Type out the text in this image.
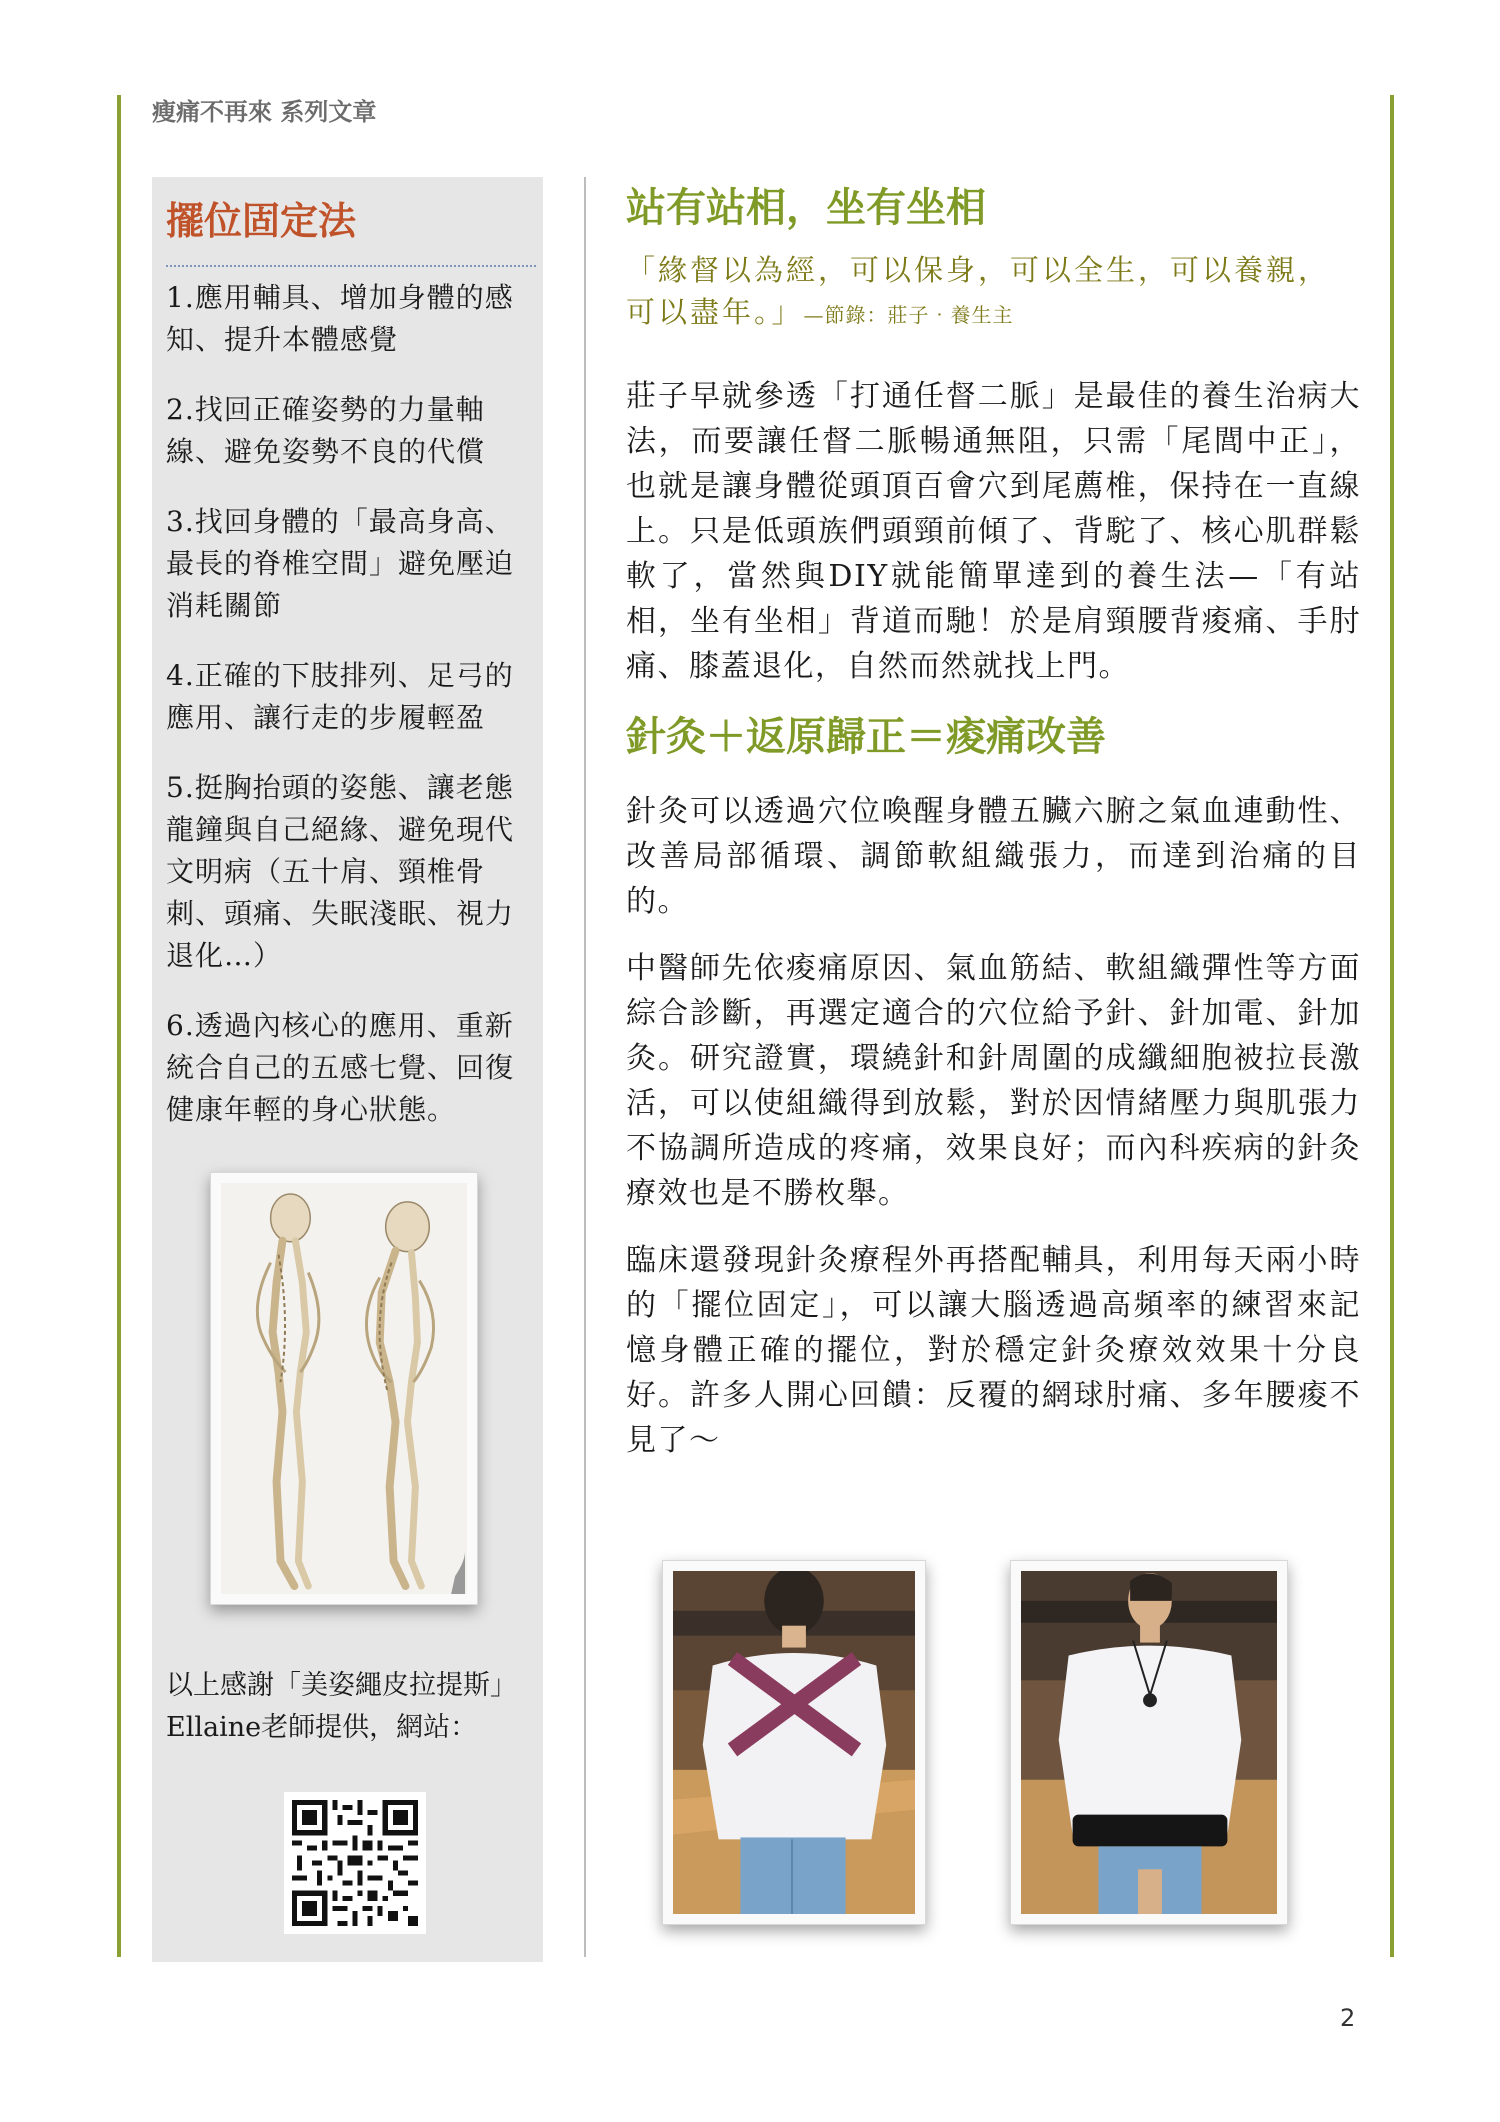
瘦痛不再來 系列文章
擺位固定法
1.應用輔具、增加身體的感知、提升本體感覺
2.找回正確姿勢的力量軸線、避免姿勢不良的代償
3.找回身體的「最高身高、最長的脊椎空間」避免壓迫消耗關節
4.正確的下肢排列、足弓的應用、讓行走的步履輕盈
5.挺胸抬頭的姿態、讓老態龍鐘與自己絕緣、避免現代文明病（五十肩、頸椎骨刺、頭痛、失眠淺眠、視力退化…）
6.透過內核心的應用、重新統合自己的五感七覺、回復健康年輕的身心狀態。
以上感謝「美姿繩皮拉提斯」Ellaine老師提供，網站：
站有站相，坐有坐相

「緣督以為經，可以保身，可以全生，可以養親，可以盡年。」—節錄：莊子‧養生主

莊子早就參透「打通任督二脈」是最佳的養生治病大法，而要讓任督二脈暢通無阻，只需「尾閭中正」，也就是讓身體從頭頂百會穴到尾薦椎，保持在一直線上。只是低頭族們頭頸前傾了、背駝了、核心肌群鬆軟了，當然與DIY就能簡單達到的養生法—「有站相，坐有坐相」背道而馳！於是肩頸腰背痠痛、手肘痛、膝蓋退化，自然而然就找上門。

針灸＋返原歸正＝痠痛改善

針灸可以透過穴位喚醒身體五臟六腑之氣血連動性、改善局部循環、調節軟組織張力，而達到治痛的目的。

中醫師先依痠痛原因、氣血筋結、軟組織彈性等方面綜合診斷，再選定適合的穴位給予針、針加電、針加灸。研究證實，環繞針和針周圍的成纖細胞被拉長激活，可以使組織得到放鬆，對於因情緒壓力與肌張力不協調所造成的疼痛，效果良好；而內科疾病的針灸療效也是不勝枚舉。

臨床還發現針灸療程外再搭配輔具，利用每天兩小時的「擺位固定」，可以讓大腦透過高頻率的練習來記憶身體正確的擺位，對於穩定針灸療效效果十分良好。許多人開心回饋：反覆的網球肘痛、多年腰痠不見了～

2
